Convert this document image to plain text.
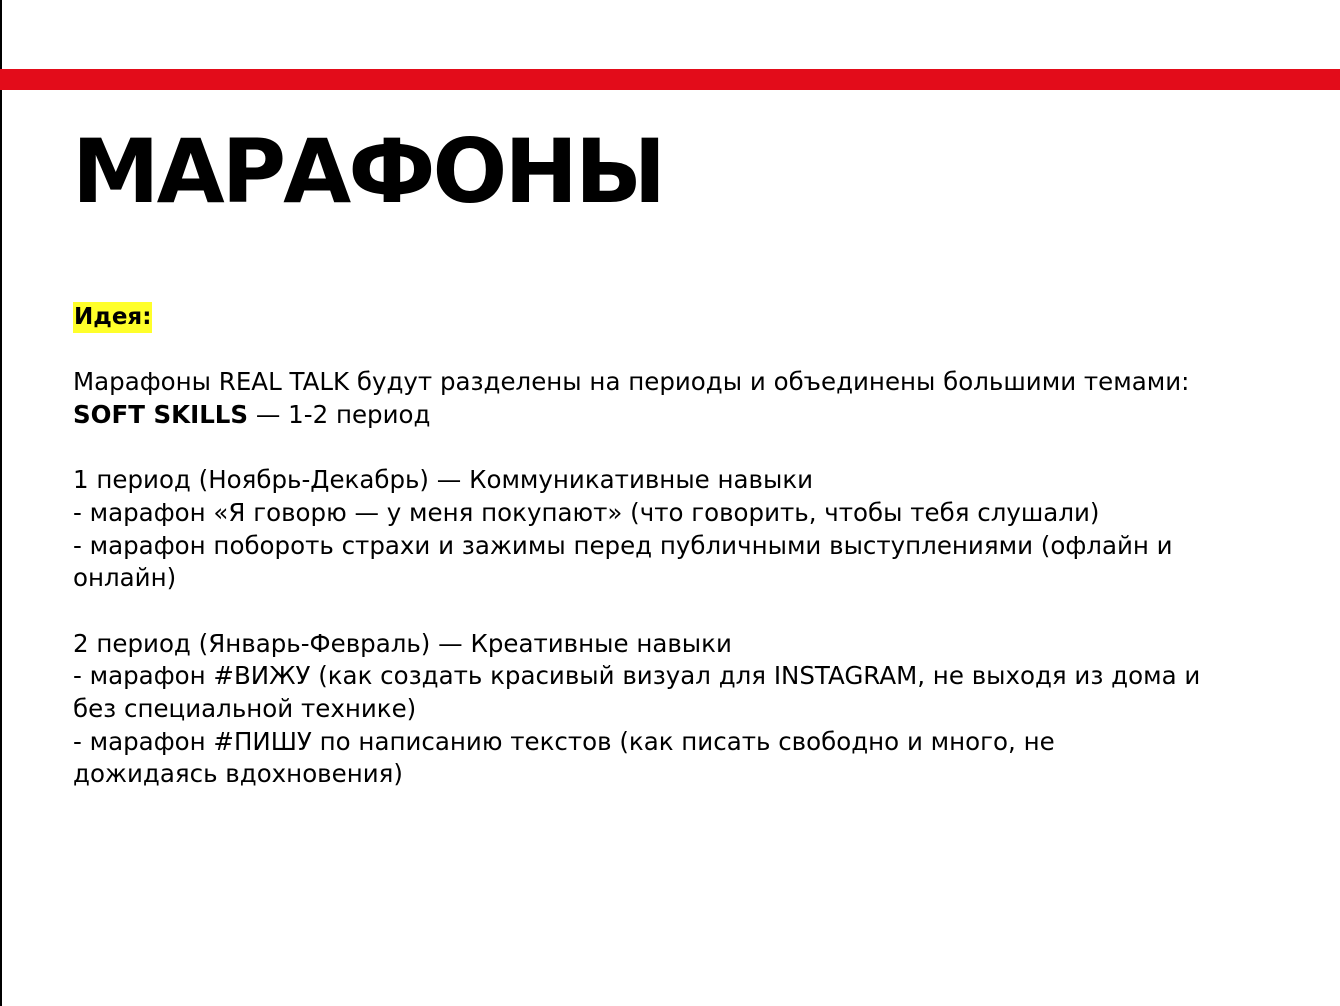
МАРАФОНЫ
Идея:
Марафоны REAL TALK будут разделены на периоды и объединены большими темами:
SOFT SKILLS — 1-2 период
1 период (Ноябрь-Декабрь) — Коммуникативные навыки
- марафон «Я говорю — у меня покупают» (что говорить, чтобы тебя слушали)
- марафон побороть страхи и зажимы перед публичными выступлениями (офлайн и
онлайн)
2 период (Январь-Февраль) — Креативные навыки
- марафон #ВИЖУ (как создать красивый визуал для INSTAGRAM, не выходя из дома и
без специальной технике)
- марафон #ПИШУ по написанию текстов (как писать свободно и много, не
дожидаясь вдохновения)
